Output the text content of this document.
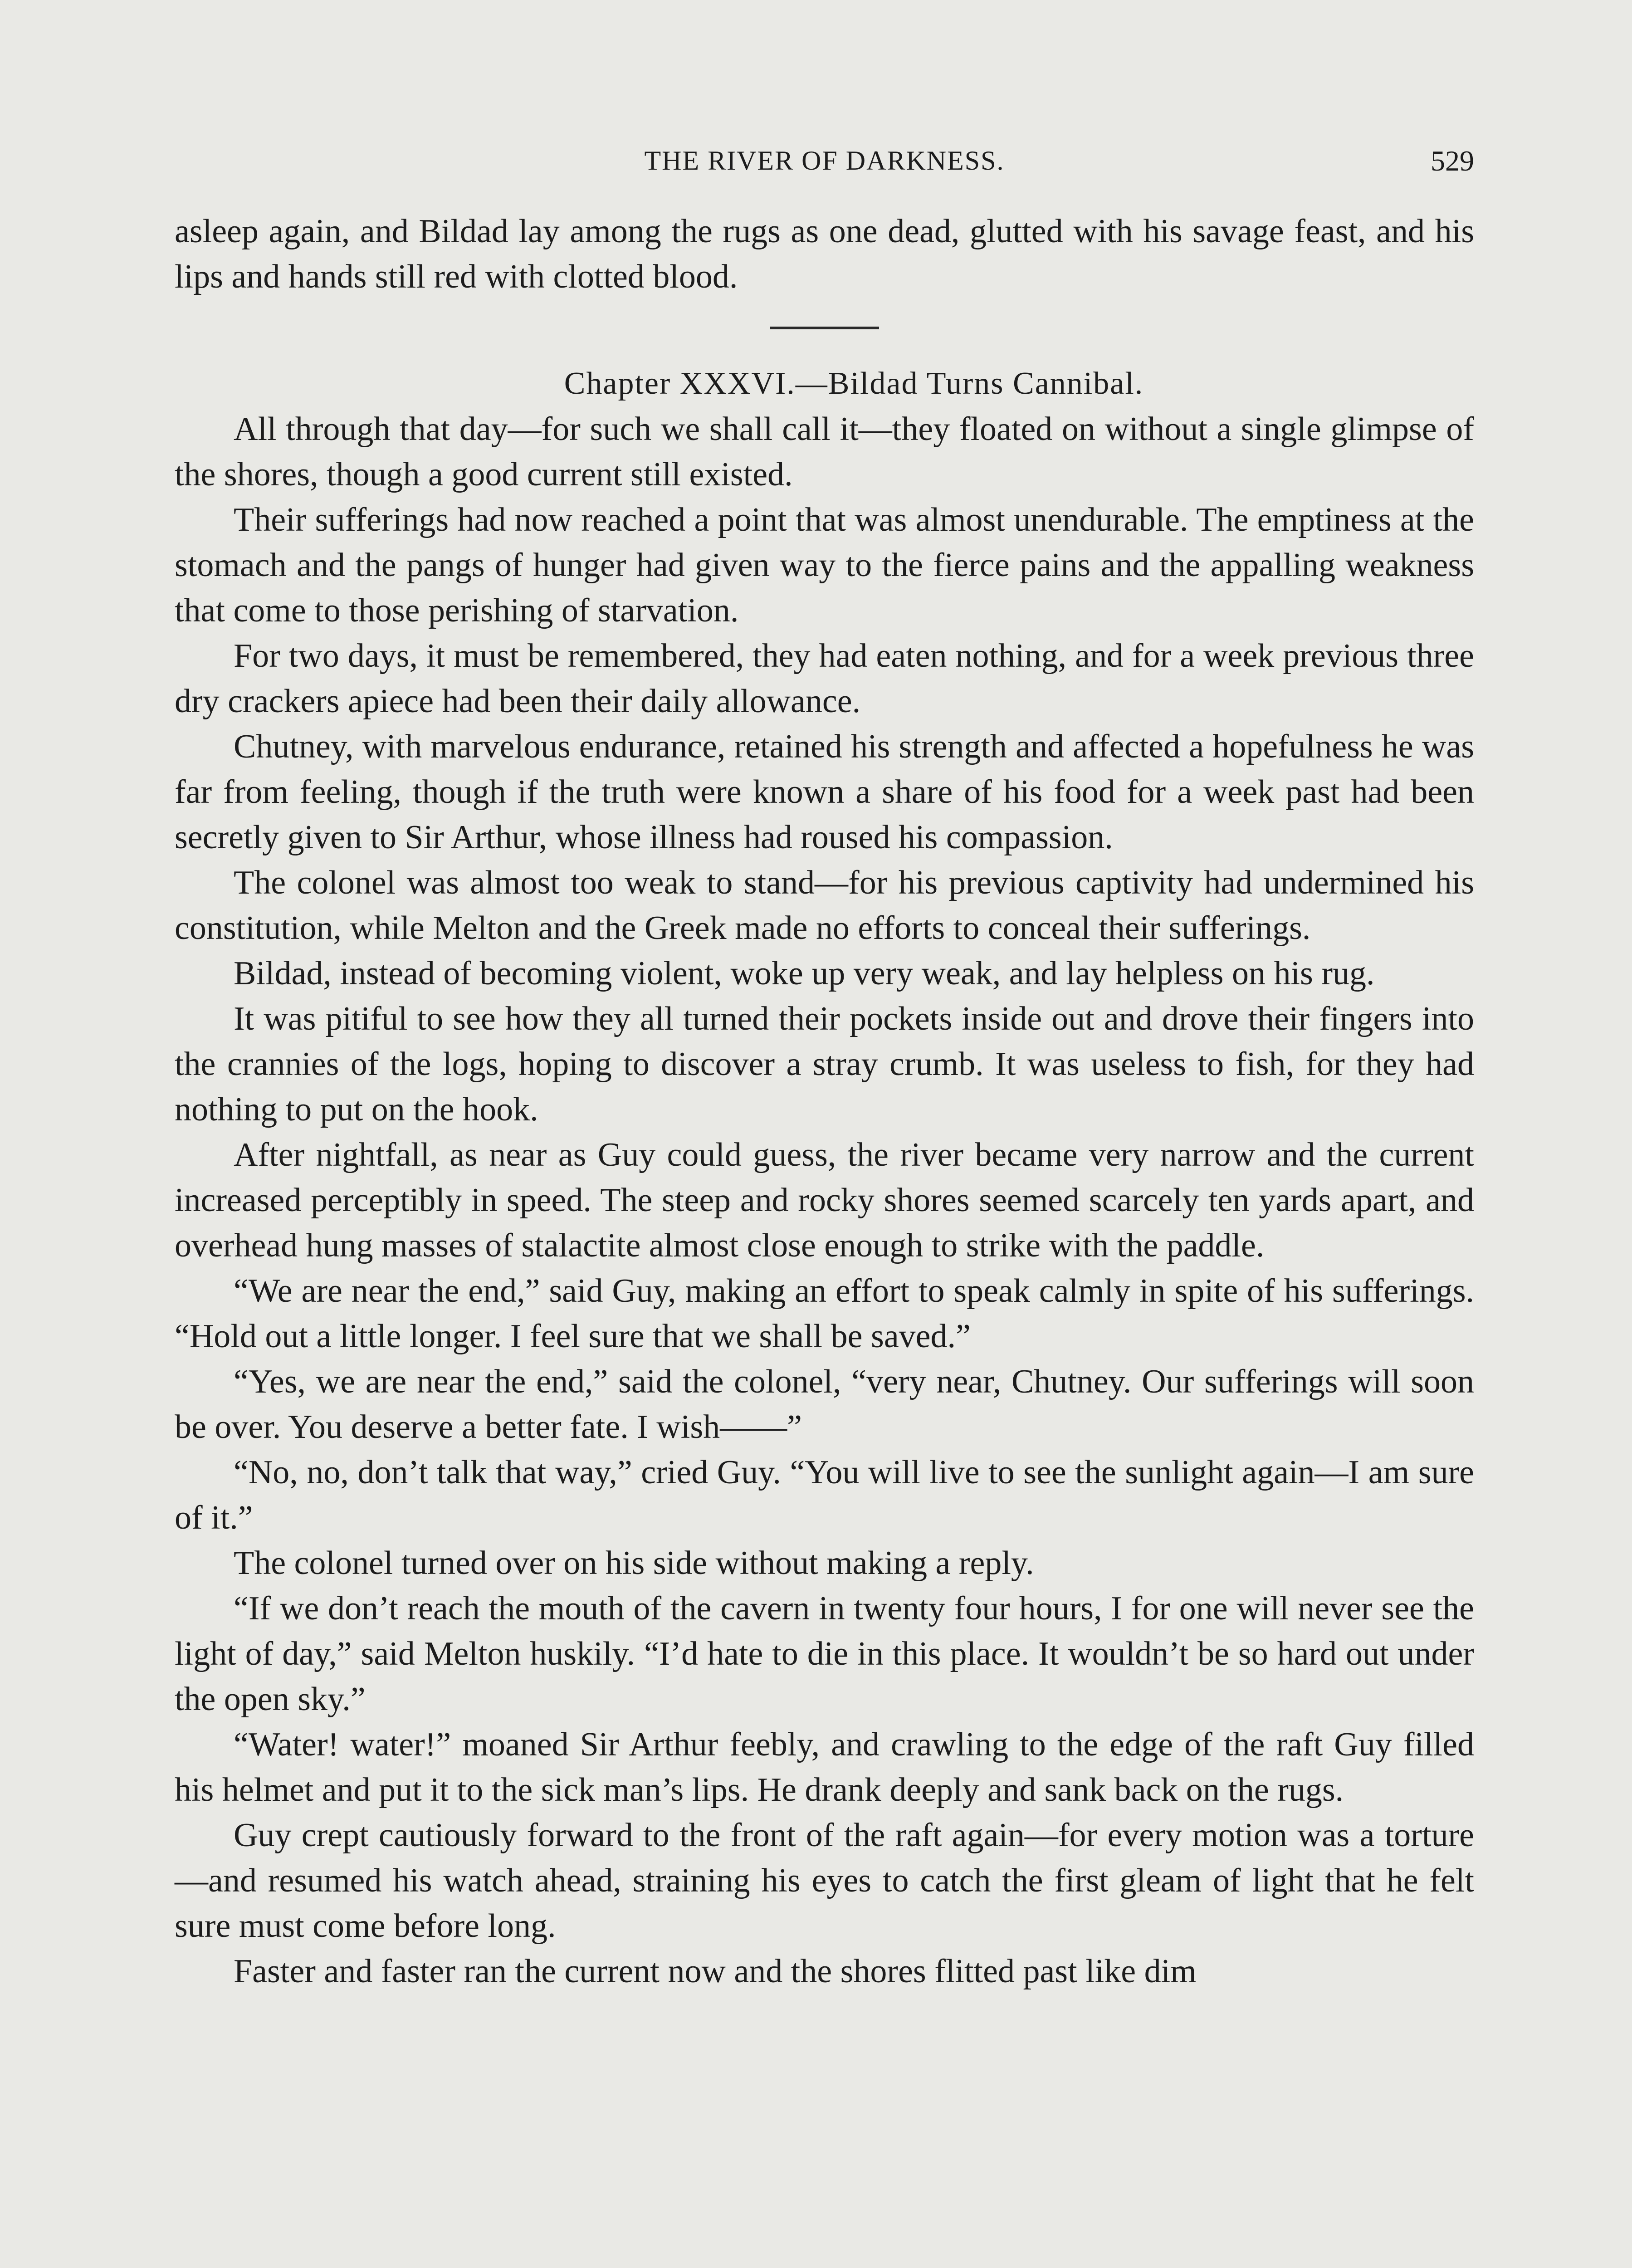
THE RIVER OF DARKNESS.	529

asleep again, and Bildad lay among the rugs as one dead, glutted with his savage feast, and his lips and hands still red with clotted blood.

Chapter XXXVI.—Bildad Turns Cannibal.

All through that day—for such we shall call it—they floated on without a single glimpse of the shores, though a good current still existed.

Their sufferings had now reached a point that was almost unendurable. The emptiness at the stomach and the pangs of hunger had given way to the fierce pains and the appalling weakness that come to those perishing of starvation.

For two days, it must be remembered, they had eaten nothing, and for a week previous three dry crackers apiece had been their daily allowance.

Chutney, with marvelous endurance, retained his strength and affected a hopefulness he was far from feeling, though if the truth were known a share of his food for a week past had been secretly given to Sir Arthur, whose illness had roused his compassion.

The colonel was almost too weak to stand—for his previous captivity had undermined his constitution, while Melton and the Greek made no efforts to conceal their sufferings.

Bildad, instead of becoming violent, woke up very weak, and lay helpless on his rug.

It was pitiful to see how they all turned their pockets inside out and drove their fingers into the crannies of the logs, hoping to discover a stray crumb. It was useless to fish, for they had nothing to put on the hook.

After nightfall, as near as Guy could guess, the river became very narrow and the current increased perceptibly in speed. The steep and rocky shores seemed scarcely ten yards apart, and overhead hung masses of stalactite almost close enough to strike with the paddle.

“We are near the end,” said Guy, making an effort to speak calmly in spite of his sufferings. “Hold out a little longer. I feel sure that we shall be saved.”

“Yes, we are near the end,” said the colonel, “very near, Chutney. Our sufferings will soon be over. You deserve a better fate. I wish——”

“No, no, don’t talk that way,” cried Guy. “You will live to see the sunlight again—I am sure of it.”

The colonel turned over on his side without making a reply.

“If we don’t reach the mouth of the cavern in twenty four hours, I for one will never see the light of day,” said Melton huskily. “I’d hate to die in this place. It wouldn’t be so hard out under the open sky.”

“Water! water!” moaned Sir Arthur feebly, and crawling to the edge of the raft Guy filled his helmet and put it to the sick man’s lips. He drank deeply and sank back on the rugs.

Guy crept cautiously forward to the front of the raft again—for every motion was a torture—and resumed his watch ahead, straining his eyes to catch the first gleam of light that he felt sure must come before long.

Faster and faster ran the current now and the shores flitted past like dim
